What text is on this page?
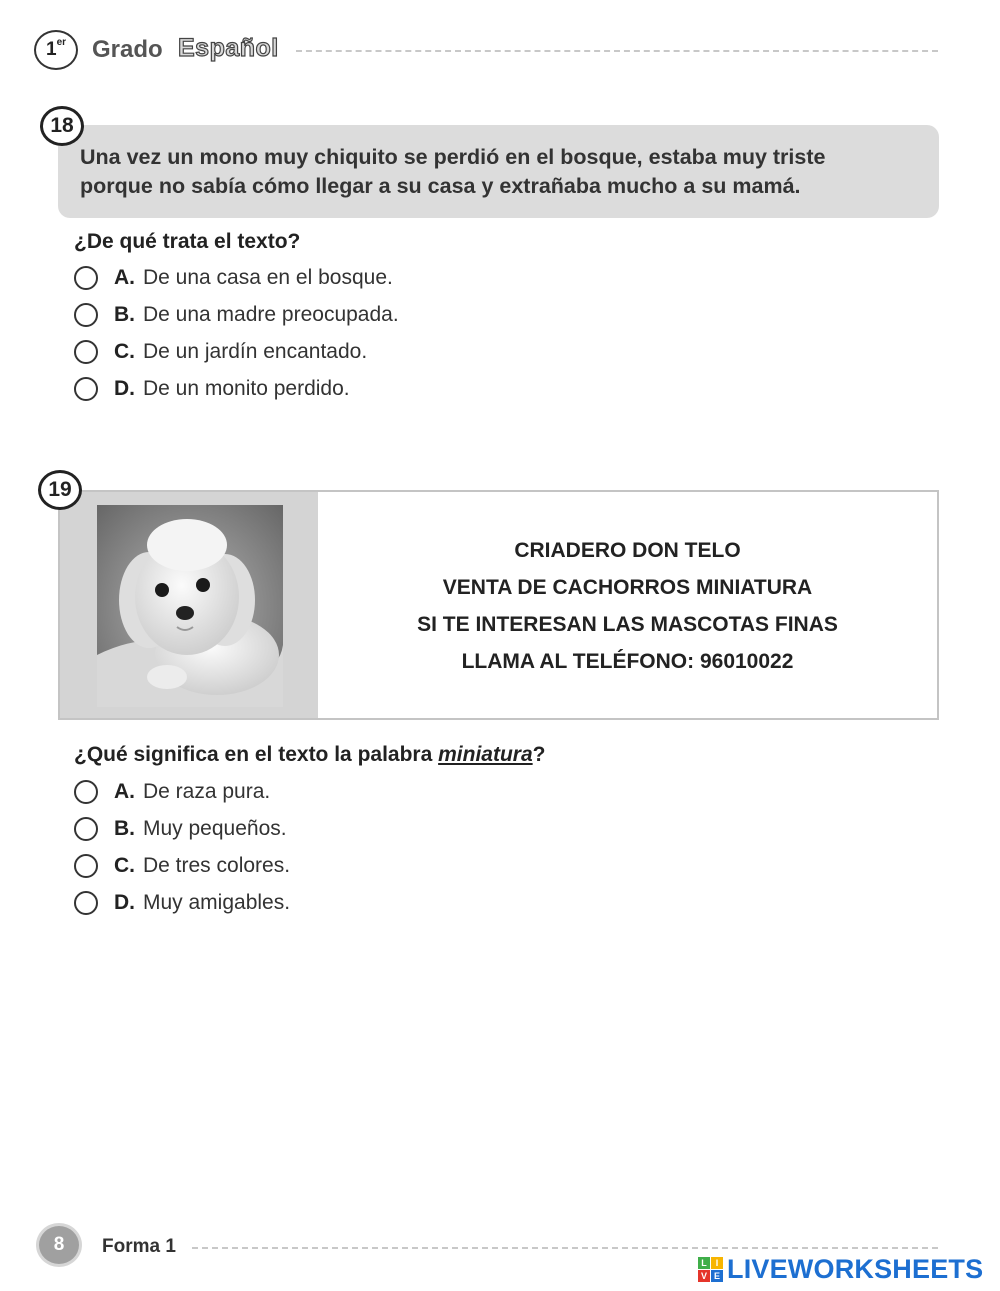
1er	Grado Español
Una vez un mono muy chiquito se perdió en el bosque, estaba muy triste
porque no sabía cómo llegar a su casa y extrañaba mucho a su mamá.
18
¿De qué trata el texto?
A. De una casa en el bosque.
B. De una madre preocupada.
C. De un jardín encantado.
D. De un monito perdido.
CRIADERO DON TELO
VENTA DE CACHORROS MINIATURA
SI TE INTERESAN LAS MASCOTAS FINAS
LLAMA AL TELÉFONO: 96010022
19
¿Qué significa en el texto la palabra miniatura?
A. De raza pura.
B. Muy pequeños.
C. De tres colores.
D. Muy amigables.
8	Forma 1
L I
V E LIVEWORKSHEETS
